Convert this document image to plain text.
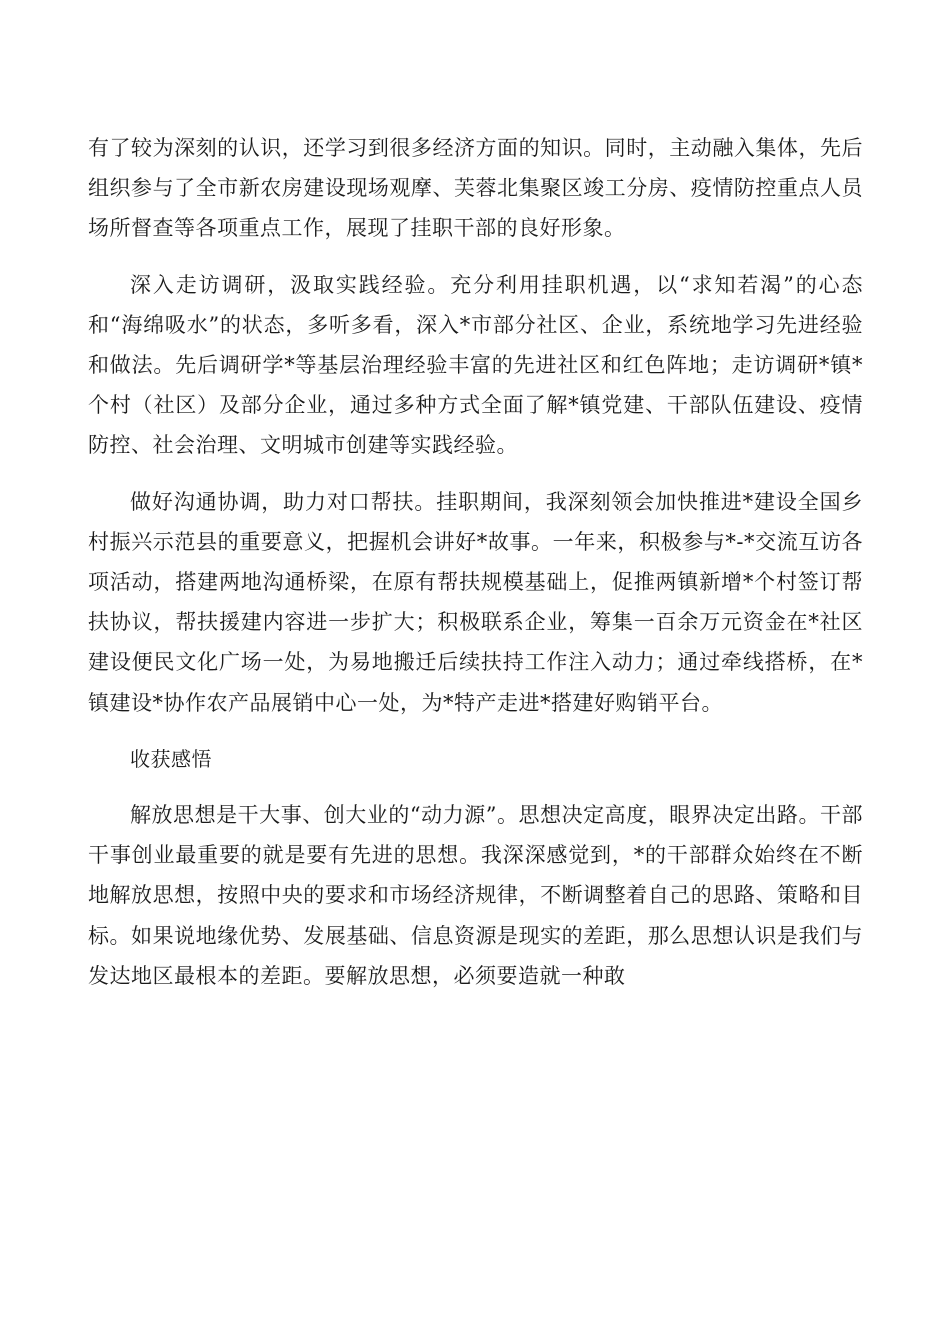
有了较为深刻的认识，还学习到很多经济方面的知识。同时，主动融入集体，先后组织参与了全市新农房建设现场观摩、芙蓉北集聚区竣工分房、疫情防控重点人员场所督查等各项重点工作，展现了挂职干部的良好形象。

深入走访调研，汲取实践经验。充分利用挂职机遇，以“求知若渴”的心态和“海绵吸水”的状态，多听多看，深入*市部分社区、企业，系统地学习先进经验和做法。先后调研学*等基层治理经验丰富的先进社区和红色阵地；走访调研*镇*个村（社区）及部分企业，通过多种方式全面了解*镇党建、干部队伍建设、疫情防控、社会治理、文明城市创建等实践经验。

做好沟通协调，助力对口帮扶。挂职期间，我深刻领会加快推进*建设全国乡村振兴示范县的重要意义，把握机会讲好*故事。一年来，积极参与*-*交流互访各项活动，搭建两地沟通桥梁，在原有帮扶规模基础上，促推两镇新增*个村签订帮扶协议，帮扶援建内容进一步扩大；积极联系企业，筹集一百余万元资金在*社区建设便民文化广场一处，为易地搬迁后续扶持工作注入动力；通过牵线搭桥，在*镇建设*协作农产品展销中心一处，为*特产走进*搭建好购销平台。

收获感悟

解放思想是干大事、创大业的“动力源”。思想决定高度，眼界决定出路。干部干事创业最重要的就是要有先进的思想。我深深感觉到，*的干部群众始终在不断地解放思想，按照中央的要求和市场经济规律，不断调整着自己的思路、策略和目标。如果说地缘优势、发展基础、信息资源是现实的差距，那么思想认识是我们与发达地区最根本的差距。要解放思想，必须要造就一种敢
